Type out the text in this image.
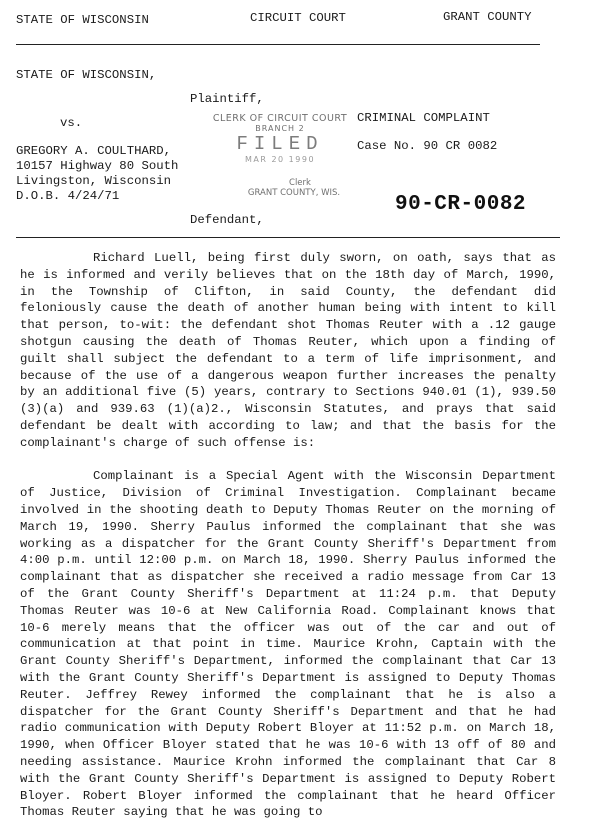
STATE OF WISCONSIN	CIRCUIT COURT	GRANT COUNTY
STATE OF WISCONSIN,
Plaintiff,
vs.
GREGORY A. COULTHARD,
10157 Highway 80 South
Livingston, Wisconsin
D.O.B. 4/24/71
Defendant,
CRIMINAL COMPLAINT
Case No. 90 CR 0082
90-CR-0082
CLERK OF CIRCUIT COURT
BRANCH 2
FILED
MAR 20 1990
Clerk
GRANT COUNTY, WIS.

Richard Luell, being first duly sworn, on oath, says that as he is informed and verily believes that on the 18th day of March, 1990, in the Township of Clifton, in said County, the defendant did feloniously cause the death of another human being with intent to kill that person, to-wit: the defendant shot Thomas Reuter with a .12 gauge shotgun causing the death of Thomas Reuter, which upon a finding of guilt shall subject the defendant to a term of life imprisonment, and because of the use of a dangerous weapon further increases the penalty by an additional five (5) years, contrary to Sections 940.01 (1), 939.50 (3)(a) and 939.63 (1)(a)2., Wisconsin Statutes, and prays that said defendant be dealt with according to law; and that the basis for the complainant's charge of such offense is:

Complainant is a Special Agent with the Wisconsin Department of Justice, Division of Criminal Investigation. Complainant became involved in the shooting death to Deputy Thomas Reuter on the morning of March 19, 1990. Sherry Paulus informed the complainant that she was working as a dispatcher for the Grant County Sheriff's Department from 4:00 p.m. until 12:00 p.m. on March 18, 1990. Sherry Paulus informed the complainant that as dispatcher she received a radio message from Car 13 of the Grant County Sheriff's Department at 11:24 p.m. that Deputy Thomas Reuter was 10-6 at New California Road. Complainant knows that 10-6 merely means that the officer was out of the car and out of communication at that point in time. Maurice Krohn, Captain with the Grant County Sheriff's Department, informed the complainant that Car 13 with the Grant County Sheriff's Department is assigned to Deputy Thomas Reuter. Jeffrey Rewey informed the complainant that he is also a dispatcher for the Grant County Sheriff's Department and that he had radio communication with Deputy Robert Bloyer at 11:52 p.m. on March 18, 1990, when Officer Bloyer stated that he was 10-6 with 13 off of 80 and needing assistance. Maurice Krohn informed the complainant that Car 8 with the Grant County Sheriff's Department is assigned to Deputy Robert Bloyer. Robert Bloyer informed the complainant that he heard Officer Thomas Reuter saying that he was going to
